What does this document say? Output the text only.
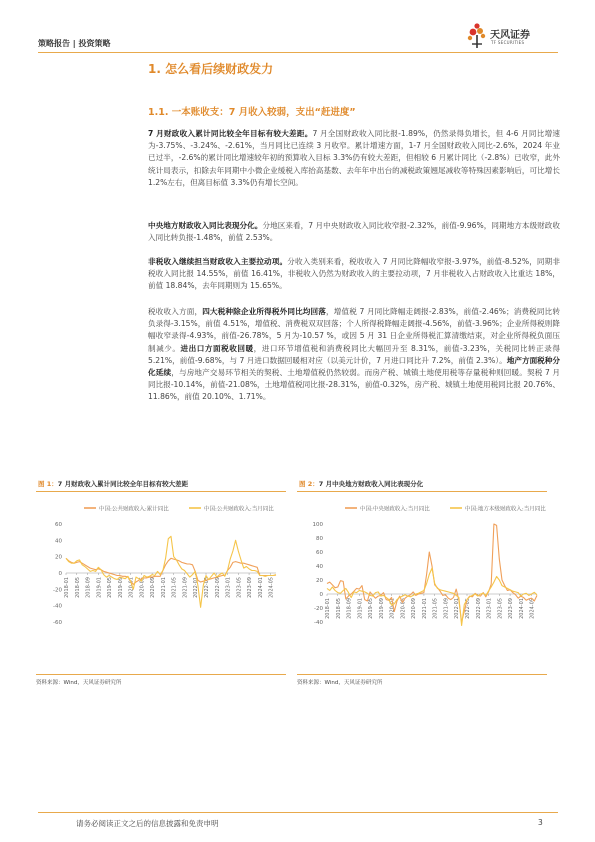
策略报告 | 投资策略
天风证券
TF SECURITIES
1. 怎么看后续财政发力
1.1. 一本账收支：7 月收入较弱，支出“赶进度”
7 月财政收入累计同比较全年目标有较大差距。7 月全国财政收入同比报-1.89%，仍然录得负增长，但 4-6 月同比增速为-3.75%、-3.24%、-2.61%，当月同比已连续 3 月收窄。累计增速方面，1-7 月全国财政收入同比-2.6%，2024 年业已过半，-2.6%的累计同比增速较年初的预算收入目标 3.3%仍有较大差距，但相较 6 月累计同比（-2.8%）已收窄，此外统计局表示，扣除去年同期中小微企业缓税入库抬高基数、去年年中出台的减税政策翘尾减收等特殊因素影响后，可比增长 1.2%左右，但离目标值 3.3%仍有增长空间。
中央地方财政收入同比表现分化。分地区来看，7 月中央财政收入同比收窄报-2.32%，前值-9.96%，同期地方本级财政收入同比转负报-1.48%，前值 2.53%。
非税收入继续担当财政收入主要拉动项。分收入类别来看，税收收入 7 月同比降幅收窄报-3.97%，前值-8.52%，同期非税收入同比报 14.55%，前值 16.41%，非税收入仍然为财政收入的主要拉动项，7 月非税收入占财政收入比重达 18%，前值 18.84%，去年同期则为 15.65%。
税收收入方面，四大税种除企业所得税外同比均回落，增值税 7 月同比降幅走阔报-2.83%，前值-2.46%；消费税同比转负录得-3.15%，前值 4.51%，增值税、消费税双双回落；个人所得税降幅走阔报-4.56%，前值-3.96%；企业所得税则降幅收窄录得-4.93%，前值-26.78%，5 月为-10.57 %，或因 5 月 31 日企业所得税汇算清缴结束，对企业所得税负面压制减少。进出口方面税收回暖，进口环节增值税和消费税同比大幅回升至 8.31%，前值-3.23%，关税同比转正录得 5.21%，前值-9.68%，与 7 月进口数据回暖相对应（以美元计价，7 月进口同比升 7.2%，前值 2.3%）。地产方面税种分化延续，与房地产交易环节相关的契税、土地增值税仍然较弱。而房产税、城镇土地使用税等存量税种则回暖。契税 7 月同比报-10.14%，前值-21.08%，土地增值税同比报-28.31%，前值-0.32%，房产税、城镇土地使用税同比报 20.76%、11.86%，前值 20.10%、1.71%。
图 1：7 月财政收入累计同比较全年目标有较大差距
中国:公共财政收入:累计同比	中国:公共财政收入:当月同比
-60
-40
-20
0
20
40
60
2018-01 2018-05 2018-09 2019-01 2019-05 2019-09 2020-01 2020-05 2020-09 2021-01 2021-05 2021-09 2022-01 2022-05 2022-09 2023-01 2023-05 2023-09 2024-01 2024-05
资料来源：Wind，天风证券研究所
图 2：7 月中央地方财政收入同比表现分化
中国:中央财政收入:当月同比	中国:地方本级财政收入:当月同比
-40
-20
0
20
40
60
80
100
2018-01 2018-05 2018-09 2019-01 2019-05 2019-09 2020-01 2020-05 2020-09 2021-01 2021-05 2021-09 2022-01 2022-05 2022-09 2023-01 2023-05 2023-09 2024-01 2024-05
资料来源：Wind，天风证券研究所
请务必阅读正文之后的信息披露和免责申明	3
